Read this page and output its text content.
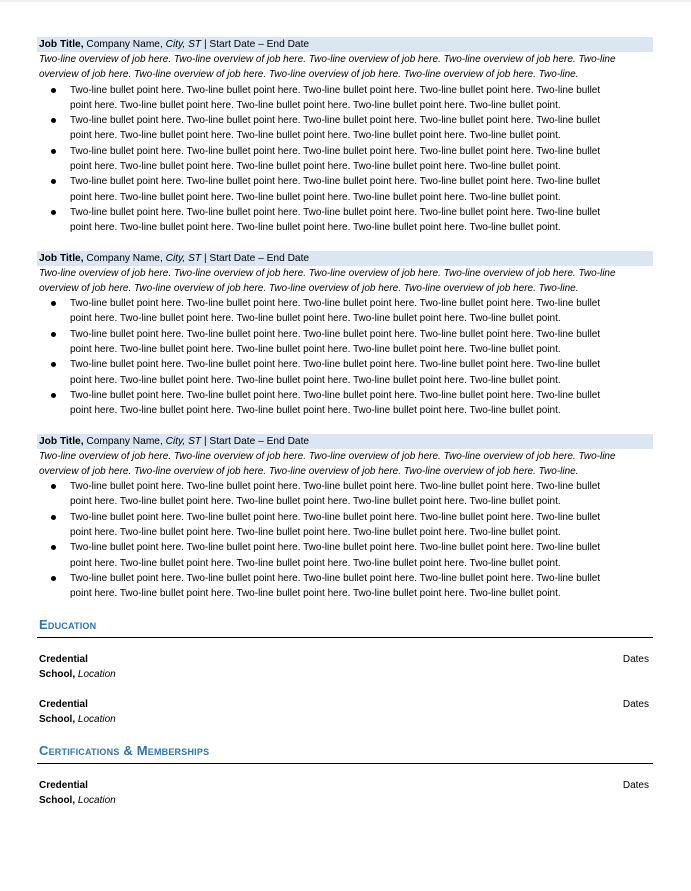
Job Title, Company Name, City, ST | Start Date – End Date
Two-line overview of job here. Two-line overview of job here. Two-line overview of job here. Two-line overview of job here. Two-line
overview of job here. Two-line overview of job here. Two-line overview of job here. Two-line overview of job here. Two-line.
Two-line bullet point here. Two-line bullet point here. Two-line bullet point here. Two-line bullet point here. Two-line bullet
point here. Two-line bullet point here. Two-line bullet point here. Two-line bullet point here. Two-line bullet point.
Two-line bullet point here. Two-line bullet point here. Two-line bullet point here. Two-line bullet point here. Two-line bullet
point here. Two-line bullet point here. Two-line bullet point here. Two-line bullet point here. Two-line bullet point.
Two-line bullet point here. Two-line bullet point here. Two-line bullet point here. Two-line bullet point here. Two-line bullet
point here. Two-line bullet point here. Two-line bullet point here. Two-line bullet point here. Two-line bullet point.
Two-line bullet point here. Two-line bullet point here. Two-line bullet point here. Two-line bullet point here. Two-line bullet
point here. Two-line bullet point here. Two-line bullet point here. Two-line bullet point here. Two-line bullet point.
Two-line bullet point here. Two-line bullet point here. Two-line bullet point here. Two-line bullet point here. Two-line bullet
point here. Two-line bullet point here. Two-line bullet point here. Two-line bullet point here. Two-line bullet point.
Job Title, Company Name, City, ST | Start Date – End Date
Two-line overview of job here. Two-line overview of job here. Two-line overview of job here. Two-line overview of job here. Two-line
overview of job here. Two-line overview of job here. Two-line overview of job here. Two-line overview of job here. Two-line.
Two-line bullet point here. Two-line bullet point here. Two-line bullet point here. Two-line bullet point here. Two-line bullet
point here. Two-line bullet point here. Two-line bullet point here. Two-line bullet point here. Two-line bullet point.
Two-line bullet point here. Two-line bullet point here. Two-line bullet point here. Two-line bullet point here. Two-line bullet
point here. Two-line bullet point here. Two-line bullet point here. Two-line bullet point here. Two-line bullet point.
Two-line bullet point here. Two-line bullet point here. Two-line bullet point here. Two-line bullet point here. Two-line bullet
point here. Two-line bullet point here. Two-line bullet point here. Two-line bullet point here. Two-line bullet point.
Two-line bullet point here. Two-line bullet point here. Two-line bullet point here. Two-line bullet point here. Two-line bullet
point here. Two-line bullet point here. Two-line bullet point here. Two-line bullet point here. Two-line bullet point.
Job Title, Company Name, City, ST | Start Date – End Date
Two-line overview of job here. Two-line overview of job here. Two-line overview of job here. Two-line overview of job here. Two-line
overview of job here. Two-line overview of job here. Two-line overview of job here. Two-line overview of job here. Two-line.
Two-line bullet point here. Two-line bullet point here. Two-line bullet point here. Two-line bullet point here. Two-line bullet
point here. Two-line bullet point here. Two-line bullet point here. Two-line bullet point here. Two-line bullet point.
Two-line bullet point here. Two-line bullet point here. Two-line bullet point here. Two-line bullet point here. Two-line bullet
point here. Two-line bullet point here. Two-line bullet point here. Two-line bullet point here. Two-line bullet point.
Two-line bullet point here. Two-line bullet point here. Two-line bullet point here. Two-line bullet point here. Two-line bullet
point here. Two-line bullet point here. Two-line bullet point here. Two-line bullet point here. Two-line bullet point.
Two-line bullet point here. Two-line bullet point here. Two-line bullet point here. Two-line bullet point here. Two-line bullet
point here. Two-line bullet point here. Two-line bullet point here. Two-line bullet point here. Two-line bullet point.
Education
Credential	Dates
School, Location
Credential	Dates
School, Location
Certifications & Memberships
Credential	Dates
School, Location
